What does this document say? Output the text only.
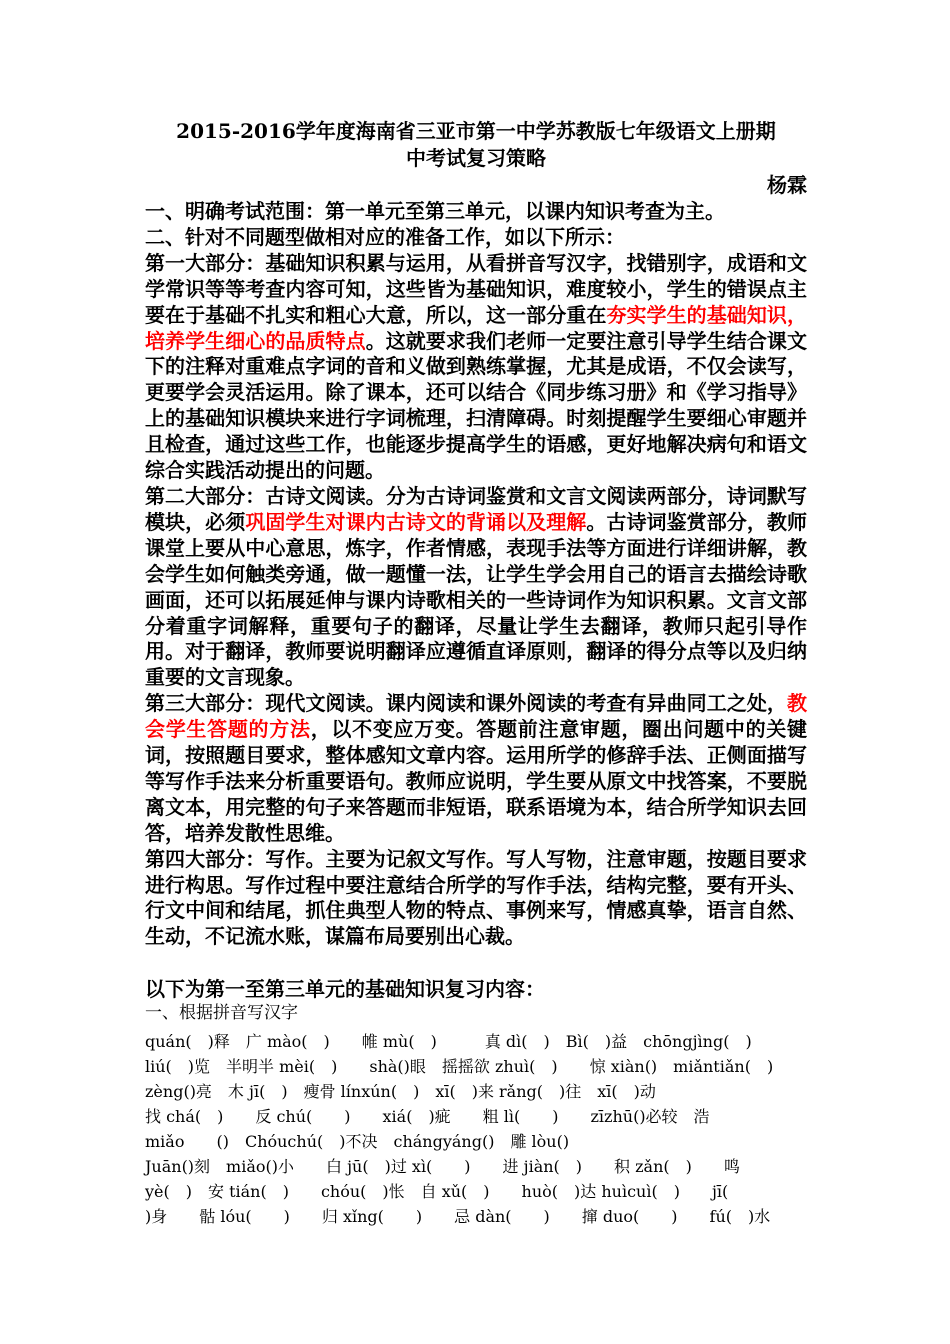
2015-2016学年度海南省三亚市第一中学苏教版七年级语文上册期
中考试复习策略

杨霖

一、明确考试范围：第一单元至第三单元，以课内知识考查为主。

二、针对不同题型做相对应的准备工作，如以下所示：

第一大部分：基础知识积累与运用，从看拼音写汉字，找错别字，成语和文学常识等等考查内容可知，这些皆为基础知识，难度较小，学生的错误点主要在于基础不扎实和粗心大意，所以，这一部分重在夯实学生的基础知识，培养学生细心的品质特点。这就要求我们老师一定要注意引导学生结合课文下的注释对重难点字词的音和义做到熟练掌握，尤其是成语，不仅会读写，更要学会灵活运用。除了课本，还可以结合《同步练习册》和《学习指导》上的基础知识模块来进行字词梳理，扫清障碍。时刻提醒学生要细心审题并且检查，通过这些工作，也能逐步提高学生的语感，更好地解决病句和语文综合实践活动提出的问题。

第二大部分：古诗文阅读。分为古诗词鉴赏和文言文阅读两部分，诗词默写模块，必须巩固学生对课内古诗文的背诵以及理解。古诗词鉴赏部分，教师课堂上要从中心意思，炼字，作者情感，表现手法等方面进行详细讲解，教会学生如何触类旁通，做一题懂一法，让学生学会用自己的语言去描绘诗歌画面，还可以拓展延伸与课内诗歌相关的一些诗词作为知识积累。文言文部分着重字词解释，重要句子的翻译，尽量让学生去翻译，教师只起引导作用。对于翻译，教师要说明翻译应遵循直译原则，翻译的得分点等以及归纳重要的文言现象。

第三大部分：现代文阅读。课内阅读和课外阅读的考查有异曲同工之处，教会学生答题的方法，以不变应万变。答题前注意审题，圈出问题中的关键词，按照题目要求，整体感知文章内容。运用所学的修辞手法、正侧面描写等写作手法来分析重要语句。教师应说明，学生要从原文中找答案，不要脱离文本，用完整的句子来答题而非短语，联系语境为本，结合所学知识去回答，培养发散性思维。

第四大部分：写作。主要为记叙文写作。写人写物，注意审题，按题目要求进行构思。写作过程中要注意结合所学的写作手法，结构完整，要有开头、行文中间和结尾，抓住典型人物的特点、事例来写，情感真挚，语言自然、生动，不记流水账，谋篇布局要别出心裁。

以下为第一至第三单元的基础知识复习内容：

一、根据拼音写汉字

quán(　)释　广 mào(　)　　帷 mù(　)　　　真 dì(　)　Bì(　)益　chōngjìng(　)

liú(　)览　半明半 mèi(　)　　shà()眼　摇摇欲 zhuì(　)　　惊 xiàn()　miǎntiǎn(　)

zèng()亮　木 jī(　)　瘦骨 línxún(　)　xī(　)来 rǎng(　)往　xī(　)动

找 chá(　)　　反 chú(　　)　　xiá(　)疵　　粗 lì(　　)　　zīzhū()必较　浩

miǎo　　()　Chóuchú(　)不决　chángyáng()　雕 lòu()

Juān()刻　miǎo()小　　白 jū(　)过 xì(　　)　　进 jiàn(　)　　积 zǎn(　)　　鸣

yè(　)　安 tián(　)　　chóu(　)怅　自 xǔ(　)　　huò(　)达 huìcuì(　)　　jī(

)身　　骷 lóu(　　)　　归 xǐng(　　)　　忌 dàn(　　)　　撺 duo(　　)　　fú(　)水
